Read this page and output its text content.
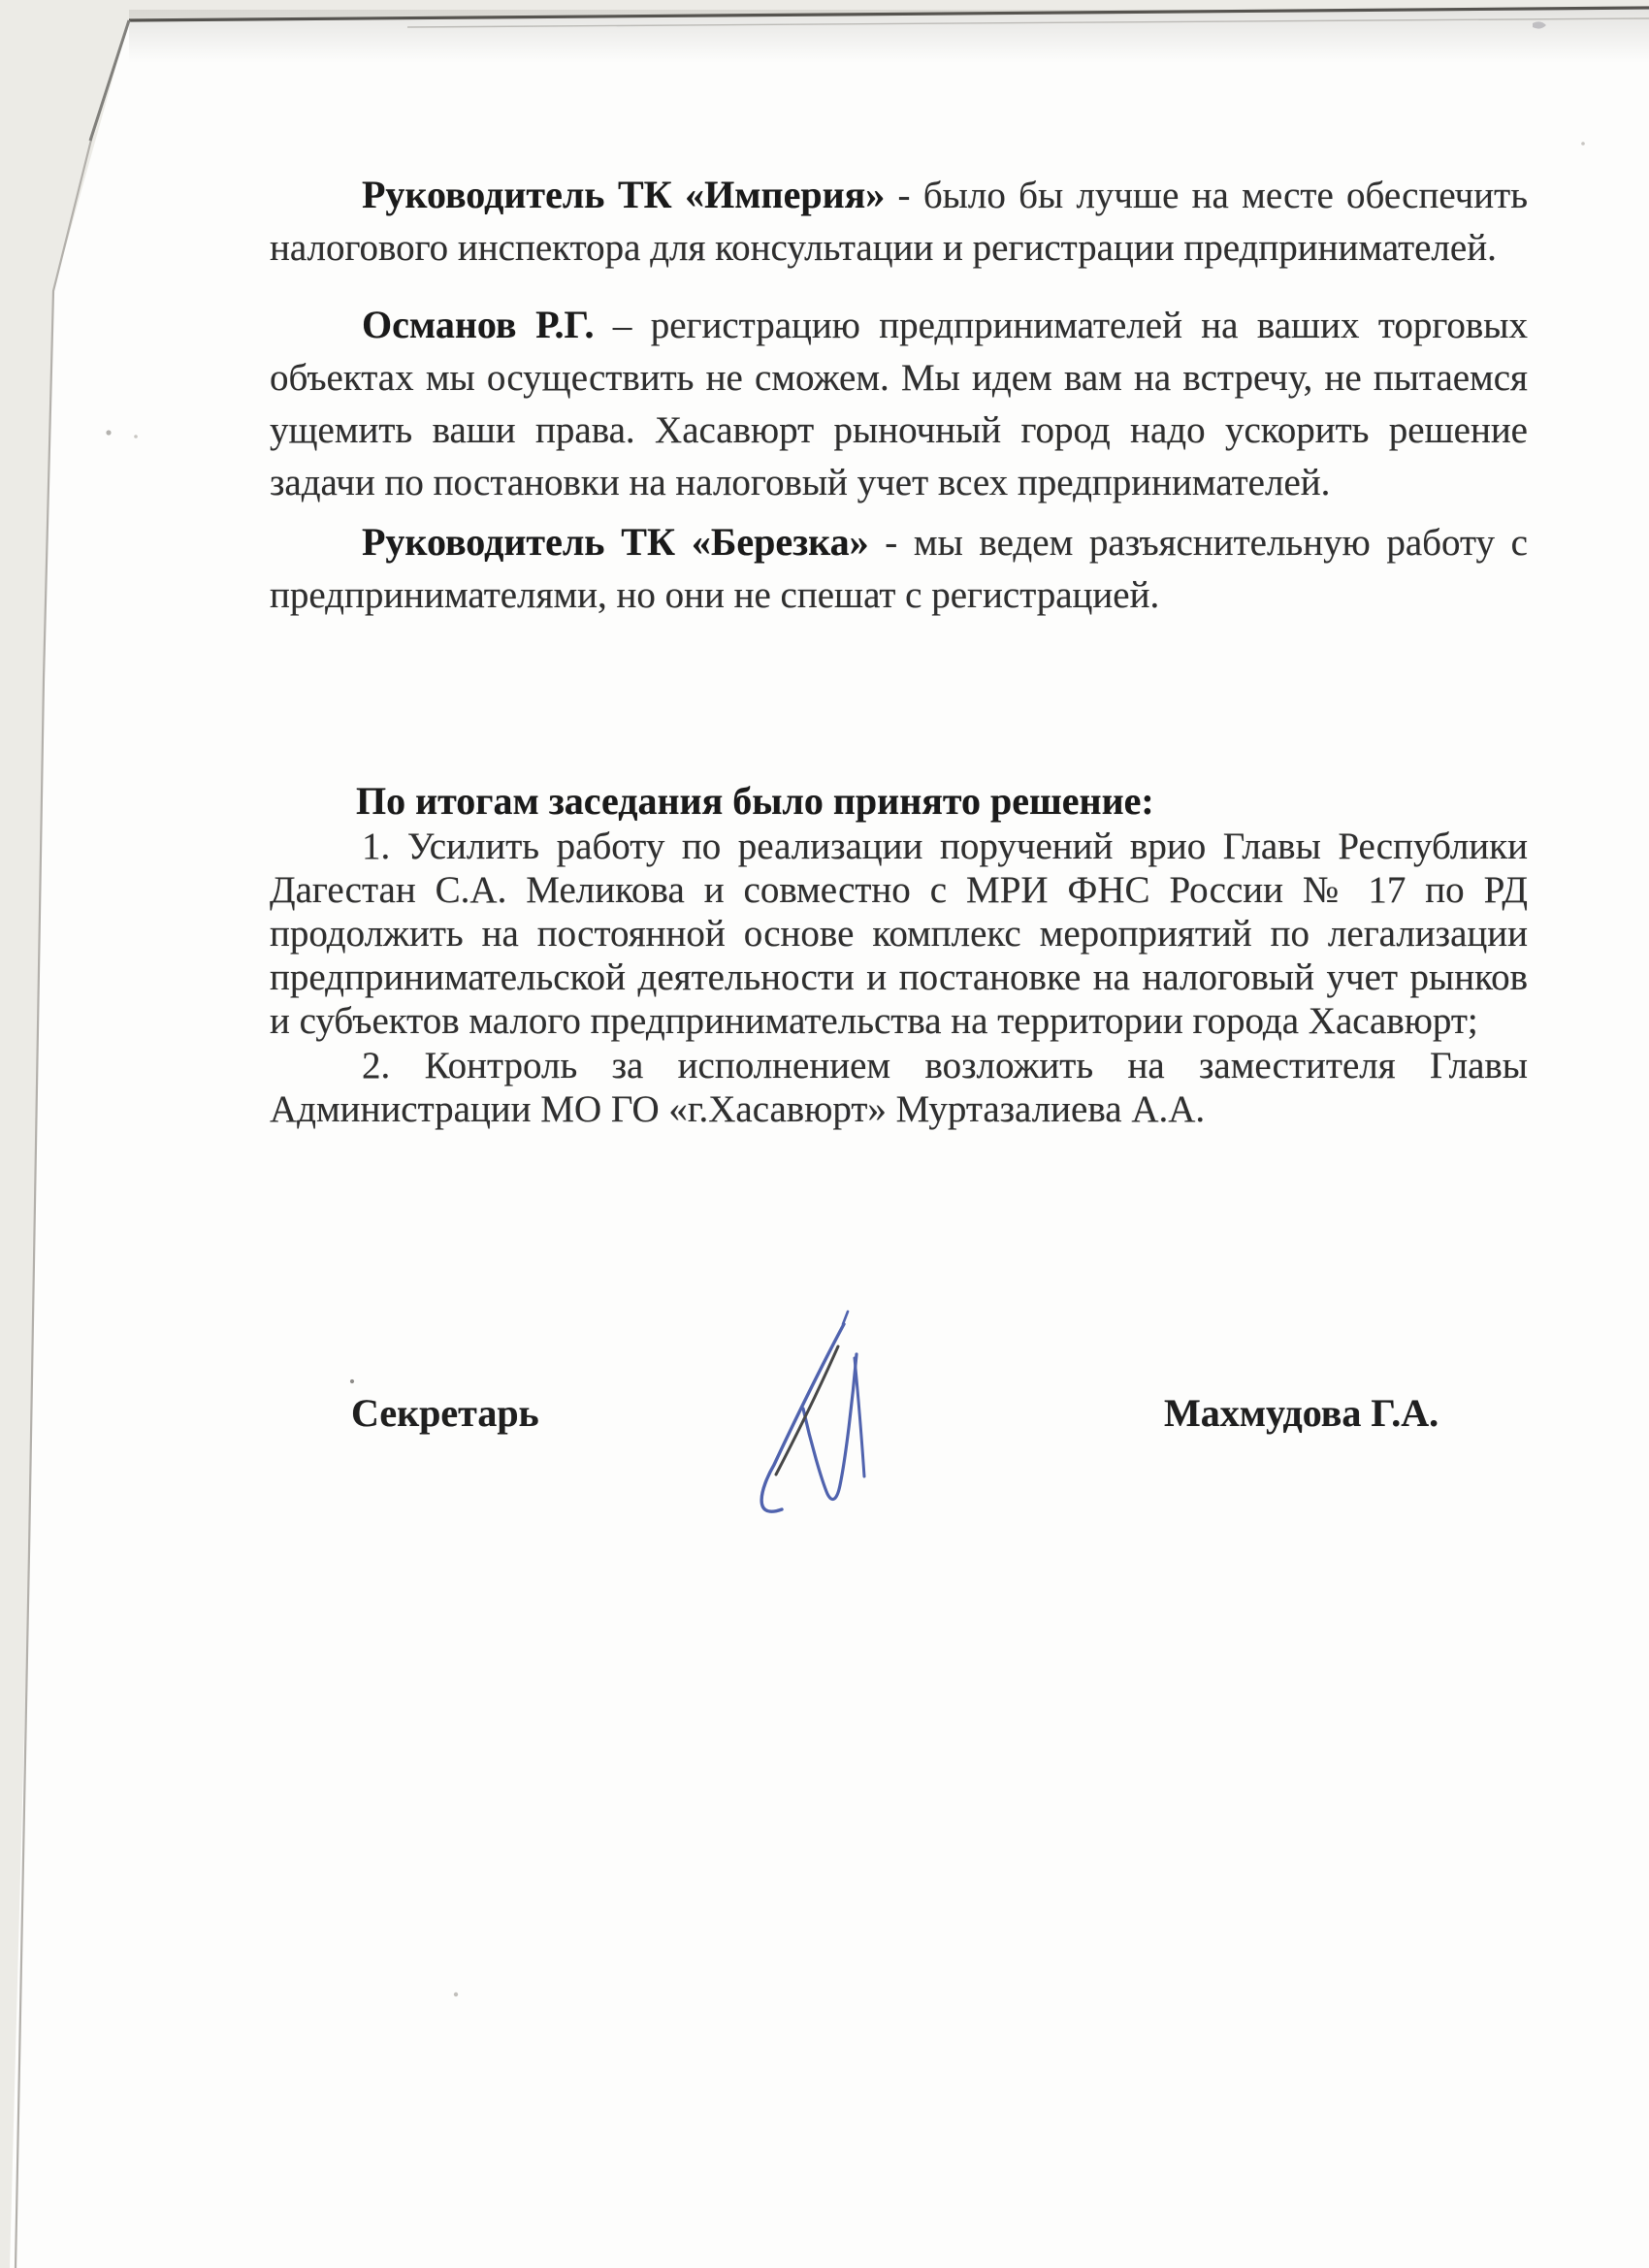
Руководитель ТК «Империя» - было бы лучше на месте обеспечить
налогового инспектора для консультации и регистрации предпринимателей.
Османов Р.Г. – регистрацию предпринимателей на ваших торговых
объектах мы осуществить не сможем. Мы идем вам на встречу, не пытаемся
ущемить ваши права. Хасавюрт рыночный город надо ускорить решение
задачи по постановки на налоговый учет всех предпринимателей.
Руководитель ТК «Березка» - мы ведем разъяснительную работу с
предпринимателями, но они не спешат с регистрацией.
По итогам заседания было принято решение:
1. Усилить работу по реализации поручений врио Главы Республики
Дагестан С.А. Меликова и совместно с МРИ ФНС России № 17 по РД
продолжить на постоянной основе комплекс мероприятий по легализации
предпринимательской деятельности и постановке на налоговый учет рынков
и субъектов малого предпринимательства на территории города Хасавюрт;
2. Контроль за исполнением возложить на заместителя Главы
Администрации МО ГО «г.Хасавюрт» Муртазалиева А.А.
Секретарь	Махмудова Г.А.
